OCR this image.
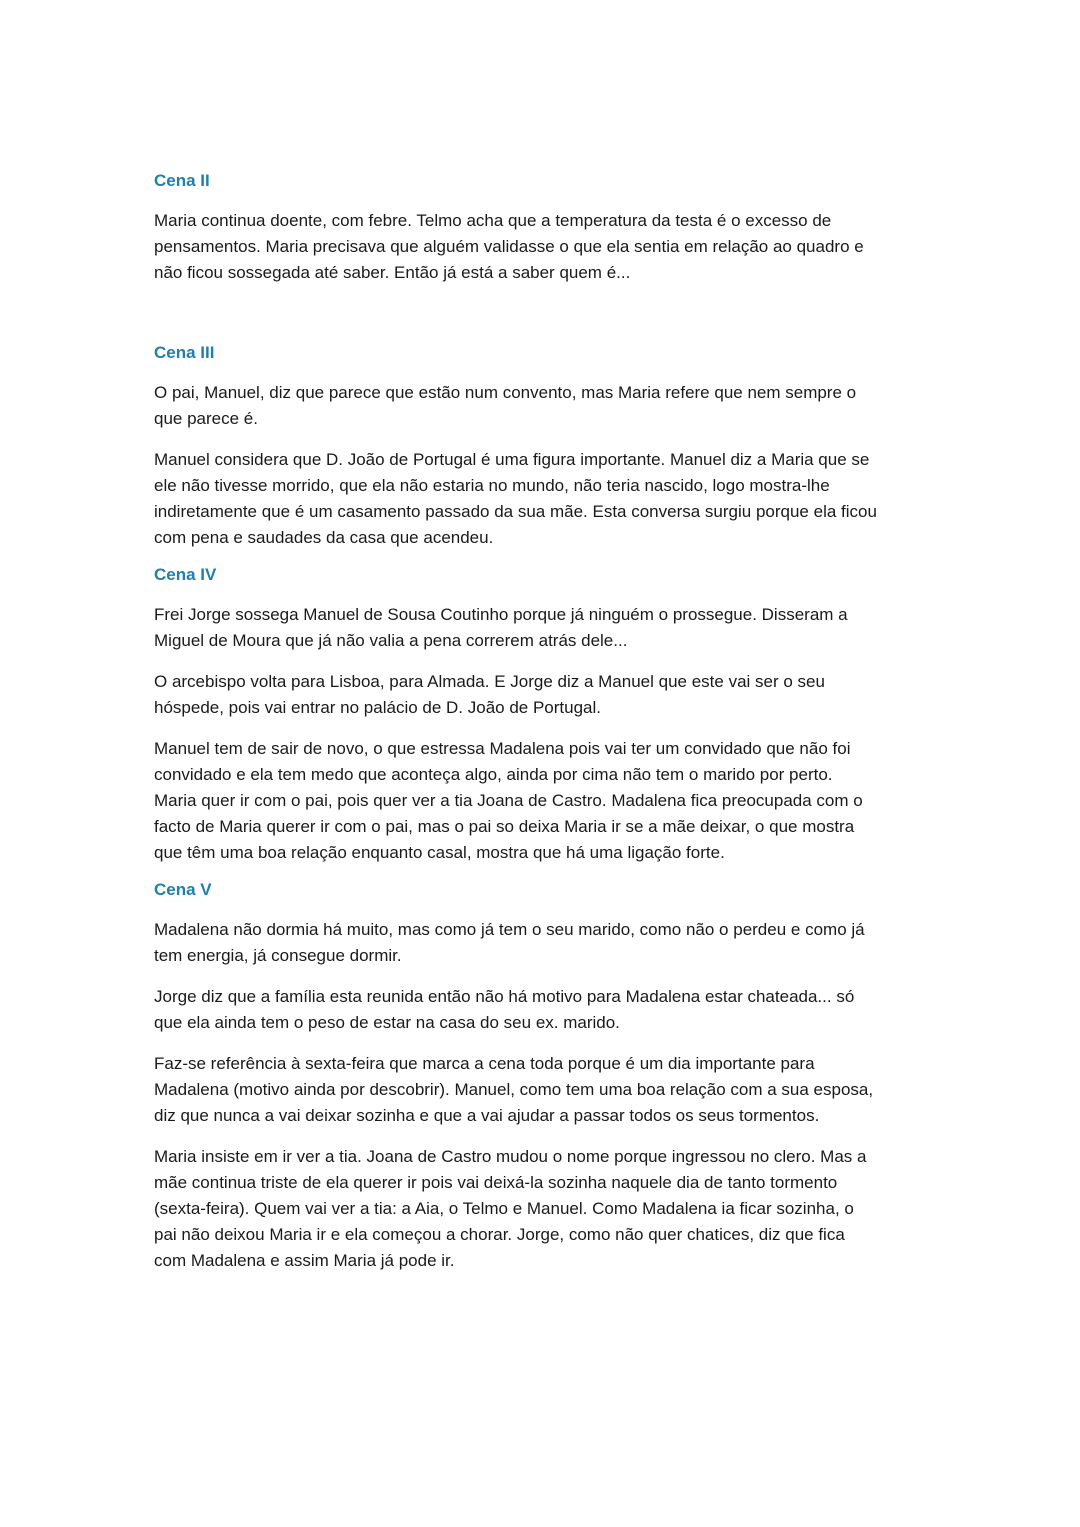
Cena II

Maria continua doente, com febre. Telmo acha que a temperatura da testa é o excesso de
pensamentos. Maria precisava que alguém validasse o que ela sentia em relação ao quadro e
não ficou sossegada até saber. Então já está a saber quem é...

Cena III

O pai, Manuel, diz que parece que estão num convento, mas Maria refere que nem sempre o
que parece é.

Manuel considera que D. João de Portugal é uma figura importante. Manuel diz a Maria que se
ele não tivesse morrido, que ela não estaria no mundo, não teria nascido, logo mostra-lhe
indiretamente que é um casamento passado da sua mãe. Esta conversa surgiu porque ela ficou
com pena e saudades da casa que acendeu.

Cena IV

Frei Jorge sossega Manuel de Sousa Coutinho porque já ninguém o prossegue. Disseram a
Miguel de Moura que já não valia a pena correrem atrás dele...

O arcebispo volta para Lisboa, para Almada. E Jorge diz a Manuel que este vai ser o seu
hóspede, pois vai entrar no palácio de D. João de Portugal.

Manuel tem de sair de novo, o que estressa Madalena pois vai ter um convidado que não foi
convidado e ela tem medo que aconteça algo, ainda por cima não tem o marido por perto.
Maria quer ir com o pai, pois quer ver a tia Joana de Castro. Madalena fica preocupada com o
facto de Maria querer ir com o pai, mas o pai so deixa Maria ir se a mãe deixar, o que mostra
que têm uma boa relação enquanto casal, mostra que há uma ligação forte.

Cena V

Madalena não dormia há muito, mas como já tem o seu marido, como não o perdeu e como já
tem energia, já consegue dormir.

Jorge diz que a família esta reunida então não há motivo para Madalena estar chateada... só
que ela ainda tem o peso de estar na casa do seu ex. marido.

Faz-se referência à sexta-feira que marca a cena toda porque é um dia importante para
Madalena (motivo ainda por descobrir). Manuel, como tem uma boa relação com a sua esposa,
diz que nunca a vai deixar sozinha e que a vai ajudar a passar todos os seus tormentos.

Maria insiste em ir ver a tia. Joana de Castro mudou o nome porque ingressou no clero. Mas a
mãe continua triste de ela querer ir pois vai deixá-la sozinha naquele dia de tanto tormento
(sexta-feira). Quem vai ver a tia: a Aia, o Telmo e Manuel. Como Madalena ia ficar sozinha, o
pai não deixou Maria ir e ela começou a chorar. Jorge, como não quer chatices, diz que fica
com Madalena e assim Maria já pode ir.
